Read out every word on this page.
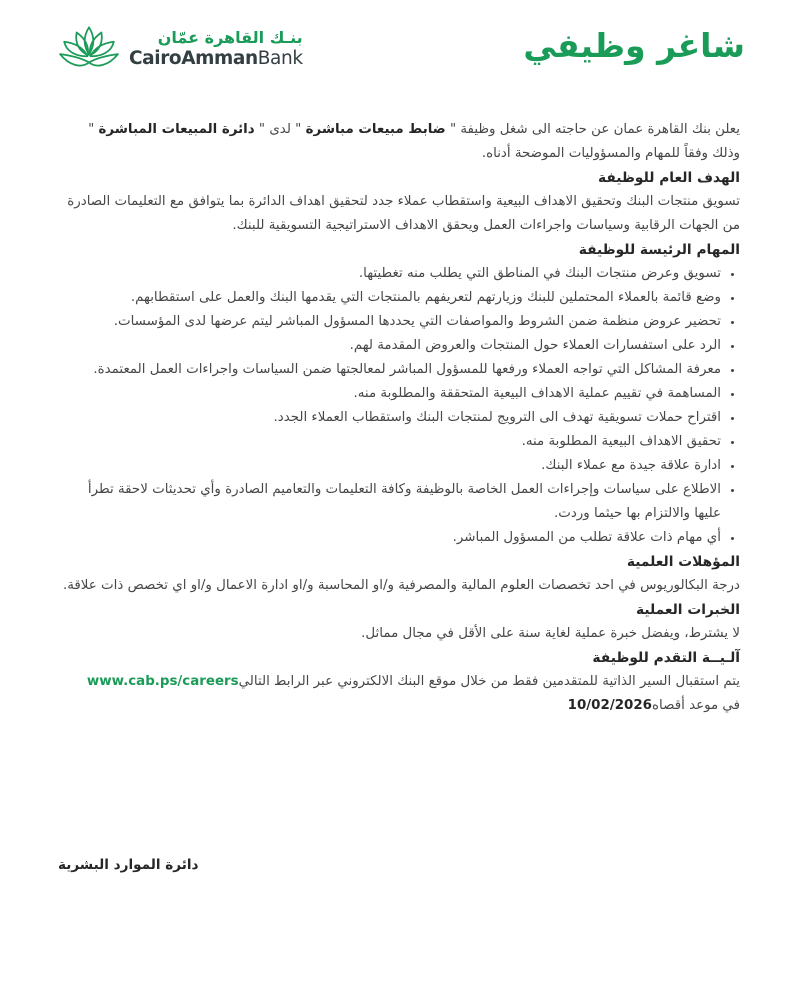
بنـك القاهرة عمّان
CairoAmmanBank	شاغر وظيفي

يعلن بنك القاهرة عمان عن حاجته الى شغل وظيفة " ضابط مبيعات مباشرة " لدى " دائرة المبيعات المباشرة " وذلك وفقاً للمهام والمسؤوليات الموضحة أدناه.

الهدف العام للوظيفة

تسويق منتجات البنك وتحقيق الاهداف البيعية واستقطاب عملاء جدد لتحقيق اهداف الدائرة بما يتوافق مع التعليمات الصادرة من الجهات الرقابية وسياسات واجراءات العمل ويحقق الاهداف الاستراتيجية التسويقية للبنك.

المهام الرئيسة للوظيفة
• تسويق وعرض منتجات البنك في المناطق التي يطلب منه تغطيتها.
• وضع قائمة بالعملاء المحتملين للبنك وزيارتهم لتعريفهم بالمنتجات التي يقدمها البنك والعمل على استقطابهم.
• تحضير عروض منظمة ضمن الشروط والمواصفات التي يحددها المسؤول المباشر ليتم عرضها لدى المؤسسات.
• الرد على استفسارات العملاء حول المنتجات والعروض المقدمة لهم.
• معرفة المشاكل التي تواجه العملاء ورفعها للمسؤول المباشر لمعالجتها ضمن السياسات واجراءات العمل المعتمدة.
• المساهمة في تقييم عملية الاهداف البيعية المتحققة والمطلوبة منه.
• اقتراح حملات تسويقية تهدف الى الترويج لمنتجات البنك واستقطاب العملاء الجدد.
• تحقيق الاهداف البيعية المطلوبة منه.
• ادارة علاقة جيدة مع عملاء البنك.
• الاطلاع على سياسات وإجراءات العمل الخاصة بالوظيفة وكافة التعليمات والتعاميم الصادرة وأي تحديثات لاحقة تطرأ عليها والالتزام بها حيثما وردت.
• أي مهام ذات علاقة تطلب من المسؤول المباشر.
المؤهلات العلمية

درجة البكالوريوس في احد تخصصات العلوم المالية والمصرفية و/او المحاسبة و/او ادارة الاعمال و/او اي تخصص ذات علاقة.

الخبرات العملية

لا يشترط، ويفضل خبرة عملية لغاية سنة على الأقل في مجال مماثل.

آلـيــة التقدم للوظيفة

يتم استقبال السير الذاتية للمتقدمين فقط من خلال موقع البنك الالكتروني عبر الرابط التاليwww.cab.ps/careers

في موعد أقصاه10/02/2026

دائرة الموارد البشرية
